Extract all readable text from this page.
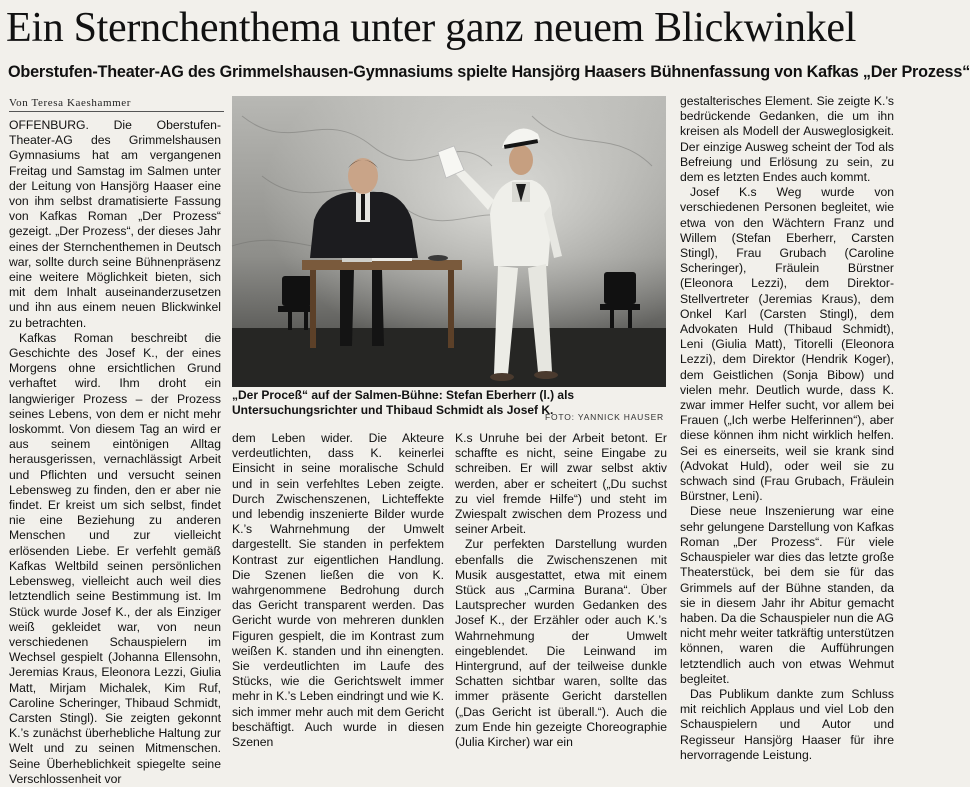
Ein Sternchenthema unter ganz neuem Blickwinkel
Oberstufen-Theater-AG des Grimmelshausen-Gymnasiums spielte Hansjörg Haasers Bühnenfassung von Kafkas „Der Prozess“
Von Teresa Kaeshammer

OFFENBURG. Die Oberstufen-Theater-AG des Grimmelshausen Gymnasiums hat am vergangenen Freitag und Samstag im Salmen unter der Leitung von Hansjörg Haaser eine von ihm selbst dramatisierte Fassung von Kafkas Roman „Der Prozess“ gezeigt. „Der Prozess“, der dieses Jahr eines der Sternchenthemen in Deutsch war, sollte durch seine Bühnenpräsenz eine weitere Möglichkeit bieten, sich mit dem Inhalt auseinanderzusetzen und ihn aus einem neuen Blickwinkel zu betrachten.

Kafkas Roman beschreibt die Geschichte des Josef K., der eines Morgens ohne ersichtlichen Grund verhaftet wird. Ihm droht ein langwieriger Prozess – der Prozess seines Lebens, von dem er nicht mehr loskommt. Von diesem Tag an wird er aus seinem eintönigen Alltag herausgerissen, vernachlässigt Arbeit und Pflichten und versucht seinen Lebensweg zu finden, den er aber nie findet. Er kreist um sich selbst, findet nie eine Beziehung zu anderen Menschen und zur vielleicht erlösenden Liebe. Er verfehlt gemäß Kafkas Weltbild seinen persönlichen Lebensweg, vielleicht auch weil dies letztendlich seine Bestimmung ist. Im Stück wurde Josef K., der als Einziger weiß gekleidet war, von neun verschiedenen Schauspielern im Wechsel gespielt (Johanna Ellensohn, Jeremias Kraus, Eleonora Lezzi, Giulia Matt, Mirjam Michalek, Kim Ruf, Caroline Scheringer, Thibaud Schmidt, Carsten Stingl). Sie zeigten gekonnt K.’s zunächst überhebliche Haltung zur Welt und zu seinen Mitmenschen. Seine Überheblichkeit spiegelte seine Verschlossenheit vor

„Der Proceß“ auf der Salmen-Bühne: Stefan Eberherr (l.) als Untersuchungsrichter und Thibaud Schmidt als Josef K.
FOTO: YANNICK HAUSER

dem Leben wider. Die Akteure verdeutlichten, dass K. keinerlei Einsicht in seine moralische Schuld und in sein verfehltes Leben zeigte. Durch Zwischenszenen, Lichteffekte und lebendig inszenierte Bilder wurde K.’s Wahrnehmung der Umwelt dargestellt. Sie standen in perfektem Kontrast zur eigentlichen Handlung. Die Szenen ließen die von K. wahrgenommene Bedrohung durch das Gericht transparent werden. Das Gericht wurde von mehreren dunklen Figuren gespielt, die im Kontrast zum weißen K. standen und ihn einengten. Sie verdeutlichten im Laufe des Stücks, wie die Gerichtswelt immer mehr in K.’s Leben eindringt und wie K. sich immer mehr auch mit dem Gericht beschäftigt. Auch wurde in diesen Szenen

K.s Unruhe bei der Arbeit betont. Er schaffte es nicht, seine Eingabe zu schreiben. Er will zwar selbst aktiv werden, aber er scheitert („Du suchst zu viel fremde Hilfe“) und steht im Zwiespalt zwischen dem Prozess und seiner Arbeit.

Zur perfekten Darstellung wurden ebenfalls die Zwischenszenen mit Musik ausgestattet, etwa mit einem Stück aus „Carmina Burana“. Über Lautsprecher wurden Gedanken des Josef K., der Erzähler oder auch K.’s Wahrnehmung der Umwelt eingeblendet. Die Leinwand im Hintergrund, auf der teilweise dunkle Schatten sichtbar waren, sollte das immer präsente Gericht darstellen („Das Gericht ist überall.“). Auch die zum Ende hin gezeigte Choreographie (Julia Kircher) war ein

gestalterisches Element. Sie zeigte K.’s bedrückende Gedanken, die um ihn kreisen als Modell der Ausweglosigkeit. Der einzige Ausweg scheint der Tod als Befreiung und Erlösung zu sein, zu dem es letzten Endes auch kommt.

Josef K.s Weg wurde von verschiedenen Personen begleitet, wie etwa von den Wächtern Franz und Willem (Stefan Eberherr, Carsten Stingl), Frau Grubach (Caroline Scheringer), Fräulein Bürstner (Eleonora Lezzi), dem Direktor-Stellvertreter (Jeremias Kraus), dem Onkel Karl (Carsten Stingl), dem Advokaten Huld (Thibaud Schmidt), Leni (Giulia Matt), Titorelli (Eleonora Lezzi), dem Direktor (Hendrik Koger), dem Geistlichen (Sonja Bibow) und vielen mehr. Deutlich wurde, dass K. zwar immer Helfer sucht, vor allem bei Frauen („Ich werbe Helferinnen“), aber diese können ihm nicht wirklich helfen. Sei es einerseits, weil sie krank sind (Advokat Huld), oder weil sie zu schwach sind (Frau Grubach, Fräulein Bürstner, Leni).

Diese neue Inszenierung war eine sehr gelungene Darstellung von Kafkas Roman „Der Prozess“. Für viele Schauspieler war dies das letzte große Theaterstück, bei dem sie für das Grimmels auf der Bühne standen, da sie in diesem Jahr ihr Abitur gemacht haben. Da die Schauspieler nun die AG nicht mehr weiter tatkräftig unterstützen können, waren die Aufführungen letztendlich auch von etwas Wehmut begleitet.

Das Publikum dankte zum Schluss mit reichlich Applaus und viel Lob den Schauspielern und Autor und Regisseur Hansjörg Haaser für ihre hervorragende Leistung.
